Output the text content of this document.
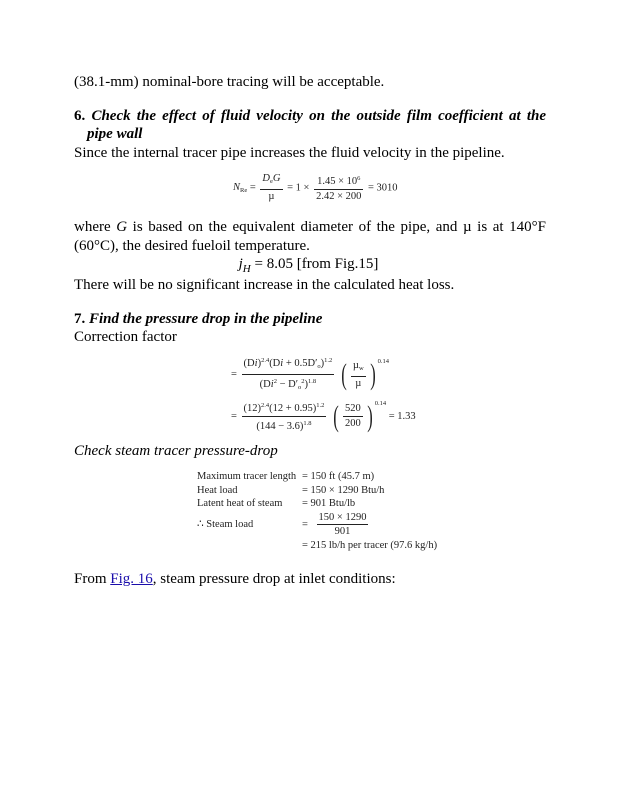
(38.1-mm) nominal-bore tracing will be acceptable.
6. Check the effect of fluid velocity on the outside film coefficient at the
pipe wall
Since the internal tracer pipe increases the fluid velocity in the pipeline.
$N_{Re} = \frac{D_eG}{\text{µ}} = 1 \times \frac{1.45 \times 10^6}{2.42 \times 200} = 3010$
where G is based on the equivalent diameter of the pipe, and µ is at 140°F
(60°C), the desired fueloil temperature.
$j_H = 8.05$ [from Fig.15]
There will be no significant increase in the calculated heat loss.
7. Find the pressure drop in the pipeline
Correction factor
= $\frac{(Di)^{2.4}(Di + 0.5D'_o)^{1.2}}{(Di^2 - D'_o^2)^{1.8}}$ ( $\frac{\mu_w}{\text{µ}}$ ) $^{0.14}$
= $\frac{(12)^{2.4}(12 + 0.95)^{1.2}}{(144 - 3.6)^{1.8}}$ ( $\frac{520}{200}$ ) $^{0.14}$ = 1.33
Check steam tracer pressure-drop
Maximum tracer length	= 150 ft (45.7 m)
Heat load	= 150 × 1290 Btu/h
Latent heat of steam	= 901 Btu/lb
∴ Steam load	= $\frac{150 \times 1290}{901}$

	= 215 lb/h per tracer (97.6 kg/h)
From Fig. 16, steam pressure drop at inlet conditions:
